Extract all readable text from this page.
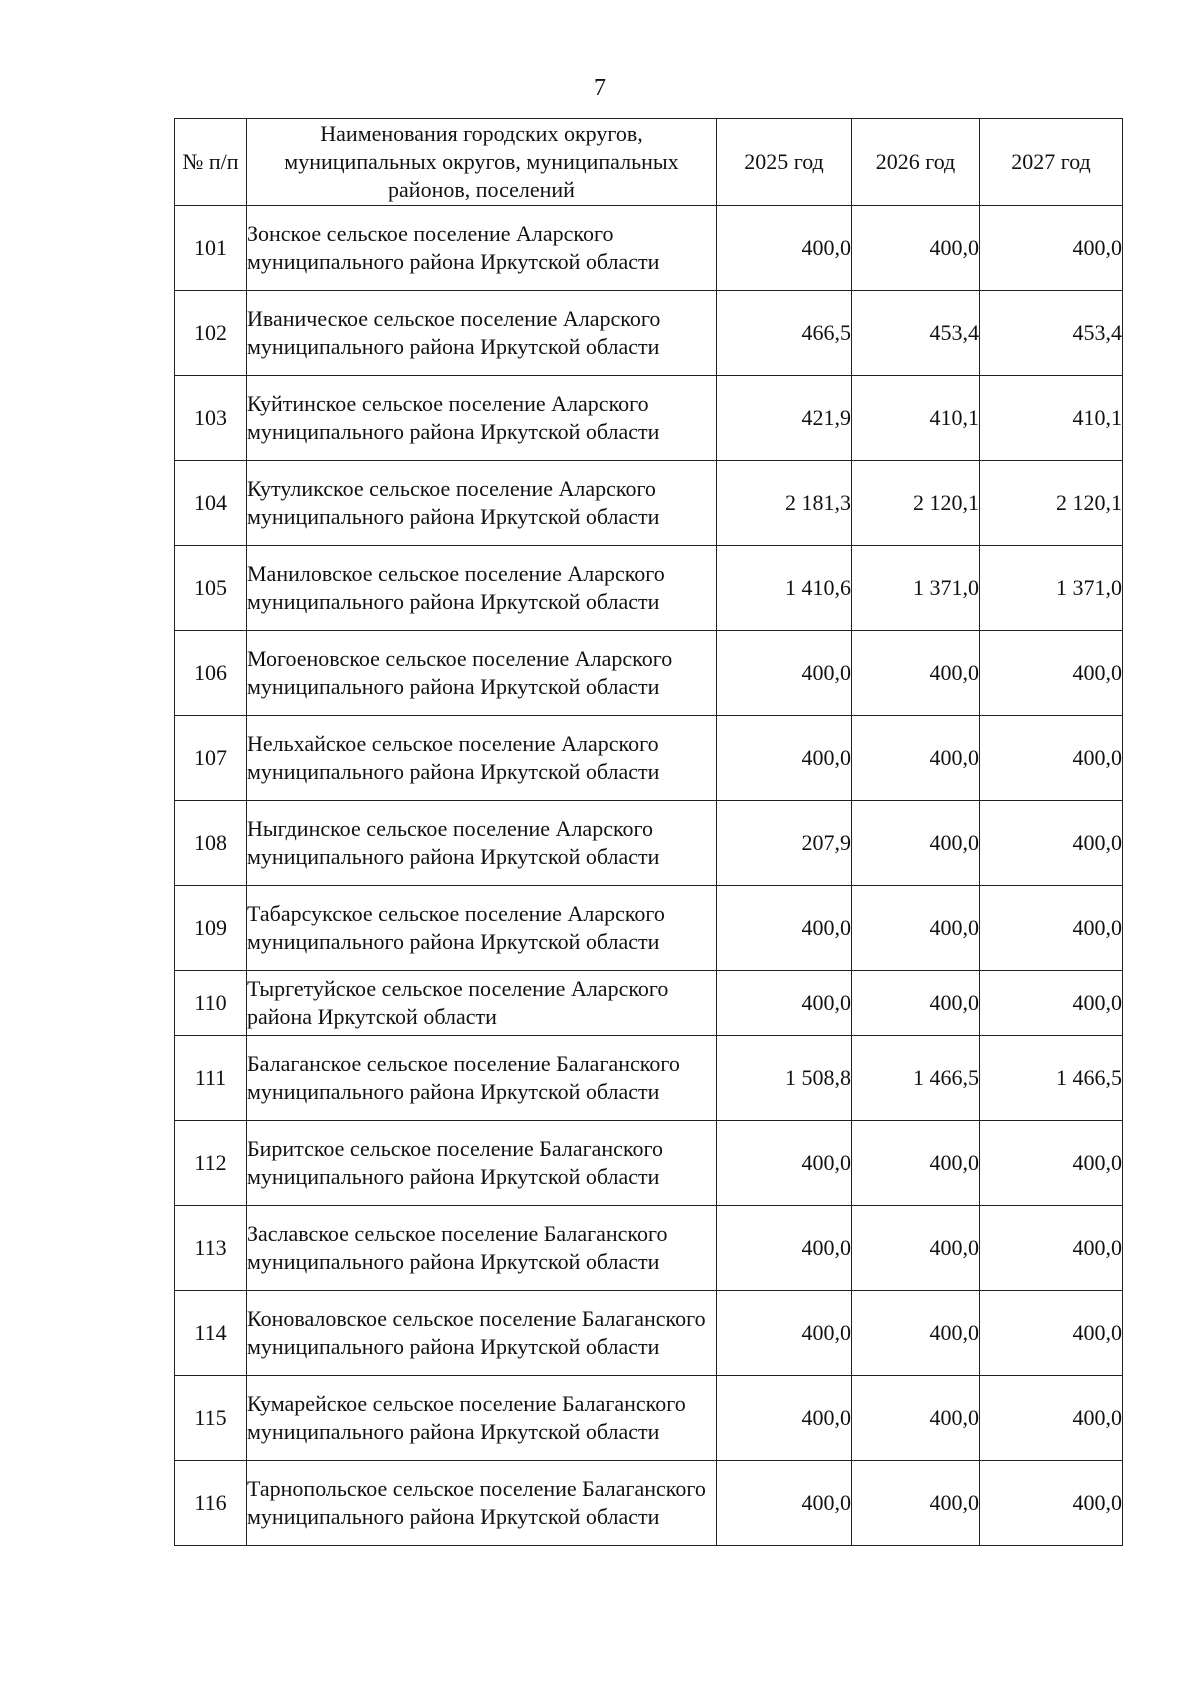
7
№ п/п	Наименования городских округов, муниципальных округов, муниципальных районов, поселений	2025 год	2026 год	2027 год
101	Зонское сельское поселение Аларского муниципального района Иркутской области	400,0	400,0	400,0
102	Иваническое сельское поселение Аларского муниципального района Иркутской области	466,5	453,4	453,4
103	Куйтинское сельское поселение Аларского муниципального района Иркутской области	421,9	410,1	410,1
104	Кутуликское сельское поселение Аларского муниципального района Иркутской области	2 181,3	2 120,1	2 120,1
105	Маниловское сельское поселение Аларского муниципального района Иркутской области	1 410,6	1 371,0	1 371,0
106	Могоеновское сельское поселение Аларского муниципального района Иркутской области	400,0	400,0	400,0
107	Нельхайское сельское поселение Аларского муниципального района Иркутской области	400,0	400,0	400,0
108	Ныгдинское сельское поселение Аларского муниципального района Иркутской области	207,9	400,0	400,0
109	Табарсукское сельское поселение Аларского муниципального района Иркутской области	400,0	400,0	400,0
110	Тыргетуйское сельское поселение Аларского района Иркутской области	400,0	400,0	400,0
111	Балаганское сельское поселение Балаганского муниципального района Иркутской области	1 508,8	1 466,5	1 466,5
112	Биритское сельское поселение Балаганского муниципального района Иркутской области	400,0	400,0	400,0
113	Заславское сельское поселение Балаганского муниципального района Иркутской области	400,0	400,0	400,0
114	Коноваловское сельское поселение Балаганского муниципального района Иркутской области	400,0	400,0	400,0
115	Кумарейское сельское поселение Балаганского муниципального района Иркутской области	400,0	400,0	400,0
116	Тарнопольское сельское поселение Балаганского муниципального района Иркутской области	400,0	400,0	400,0
